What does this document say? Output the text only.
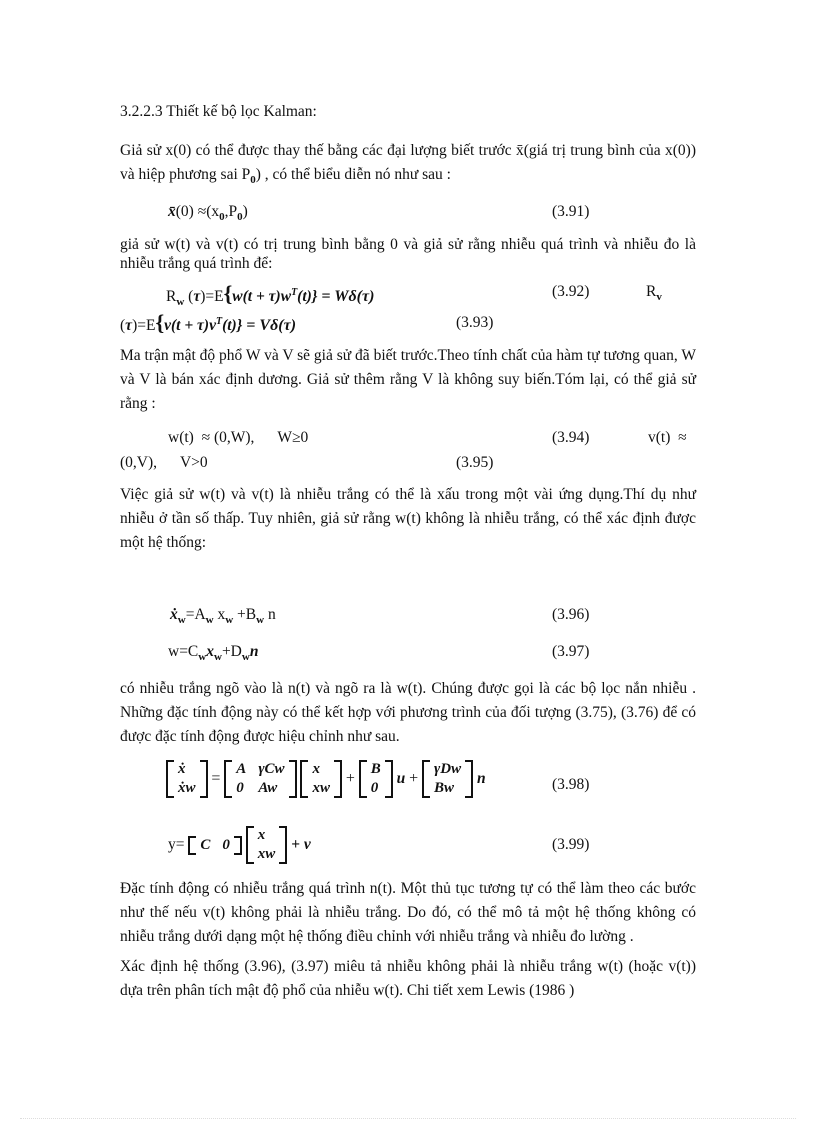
3.2.2.3 Thiết kế bộ lọc Kalman:
Giả sử x(0) có thể được thay thế bằng các đại lượng biết trước x̄(giá trị trung bình của x(0)) và hiệp phương sai $P_0$) , có thể biểu diễn nó như sau :
x̄(0) $\approx(x_0,P_0)$	(3.91)
giả sử w(t) và v(t) có trị trung bình bằng 0 và giả sử rằng nhiễu quá trình và nhiễu đo là nhiễu trắng quá trình để:
$R_w$ $(\tau)=E\{w(t + \tau)w^T(t)\} = W\delta(\tau)$	(3.92)	$R_v$
$(\tau)=E\{v(t + \tau)v^T(t)\} = V\delta(\tau)$	(3.93)
Ma trận mật độ phổ W và V sẽ giả sử đã biết trước.Theo tính chất của hàm tự tương quan, W và V là bán xác định dương. Giả sử thêm rằng V là không suy biến.Tóm lại, có thể giả sử rằng :
w(t)  ≈ (0,W),      W≥0	(3.94)	v(t)  ≈
(0,V),      V>0	(3.95)
Việc giả sử w(t) và v(t) là nhiễu trắng có thể là xấu trong một vài ứng dụng.Thí dụ như nhiễu ở tần số thấp. Tuy nhiên, giả sử rằng w(t) không là nhiễu trắng, có thể xác định được một hệ thống:
$ẋ_w=A_w$ $x_w +B_w$ n	(3.96)
$w=C_wx_w+D_wn$	(3.97)
có nhiễu trắng ngõ vào là n(t) và ngõ ra là w(t). Chúng được gọi là các bộ lọc nắn nhiễu . Những đặc tính động này có thể kết hợp với phương trình của đối tượng (3.75), (3.76) để có được đặc tính động được hiệu chỉnh như sau.
ẋ
ẋw
=
A	γCw
0	Aw

x
xw
+
B
0
u +
γDw
Bw
n	(3.98)
y= C	0

x
xw
+ v	(3.99)
Đặc tính động có nhiễu trắng quá trình n(t). Một thủ tục tương tự có thể làm theo các bước như thế nếu v(t) không phải là nhiễu trắng. Do đó, có thể mô tả một hệ thống không có nhiễu trắng dưới dạng một hệ thống điều chỉnh với nhiễu trắng và nhiễu đo lường .
Xác định hệ thống (3.96), (3.97) miêu tả nhiễu không phải là nhiễu trắng w(t) (hoặc v(t)) dựa trên phân tích mật độ phổ của nhiễu w(t). Chi tiết xem Lewis (1986 )
